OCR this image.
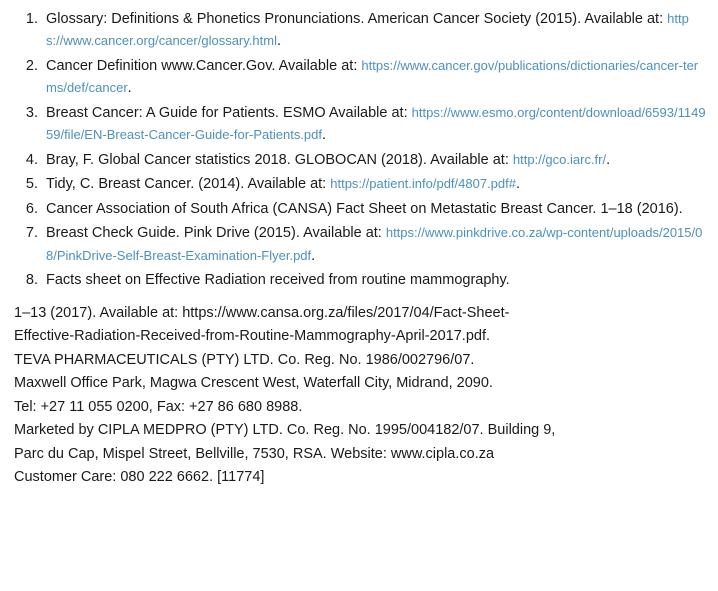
1. Glossary: Definitions & Phonetics Pronunciations. American Cancer Society (2015). Available at: https://www.cancer.org/cancer/glossary.html.
2. Cancer Definition www.Cancer.Gov. Available at: https://www.cancer.gov/publications/dictionaries/cancer-terms/def/cancer.
3. Breast Cancer: A Guide for Patients. ESMO Available at: https://www.esmo.org/content/download/6593/114959/file/EN-Breast-Cancer-Guide-for-Patients.pdf.
4. Bray, F. Global Cancer statistics 2018. GLOBOCAN (2018). Available at: http://gco.iarc.fr/.
5. Tidy, C. Breast Cancer. (2014). Available at: https://patient.info/pdf/4807.pdf#.
6. Cancer Association of South Africa (CANSA) Fact Sheet on Metastatic Breast Cancer. 1–18 (2016).
7. Breast Check Guide. Pink Drive (2015). Available at: https://www.pinkdrive.co.za/wp-content/uploads/2015/08/PinkDrive-Self-Breast-Examination-Flyer.pdf.
8. Facts sheet on Effective Radiation received from routine mammography.
1–13 (2017). Available at: https://www.cansa.org.za/files/2017/04/Fact-Sheet-
Effective-Radiation-Received-from-Routine-Mammography-April-2017.pdf.
TEVA PHARMACEUTICALS (PTY) LTD. Co. Reg. No. 1986/002796/07.
Maxwell Office Park, Magwa Crescent West, Waterfall City, Midrand, 2090.
Tel: +27 11 055 0200, Fax: +27 86 680 8988.
Marketed by CIPLA MEDPRO (PTY) LTD. Co. Reg. No. 1995/004182/07. Building 9,
Parc du Cap, Mispel Street, Bellville, 7530, RSA. Website: www.cipla.co.za
Customer Care: 080 222 6662. [11774]
